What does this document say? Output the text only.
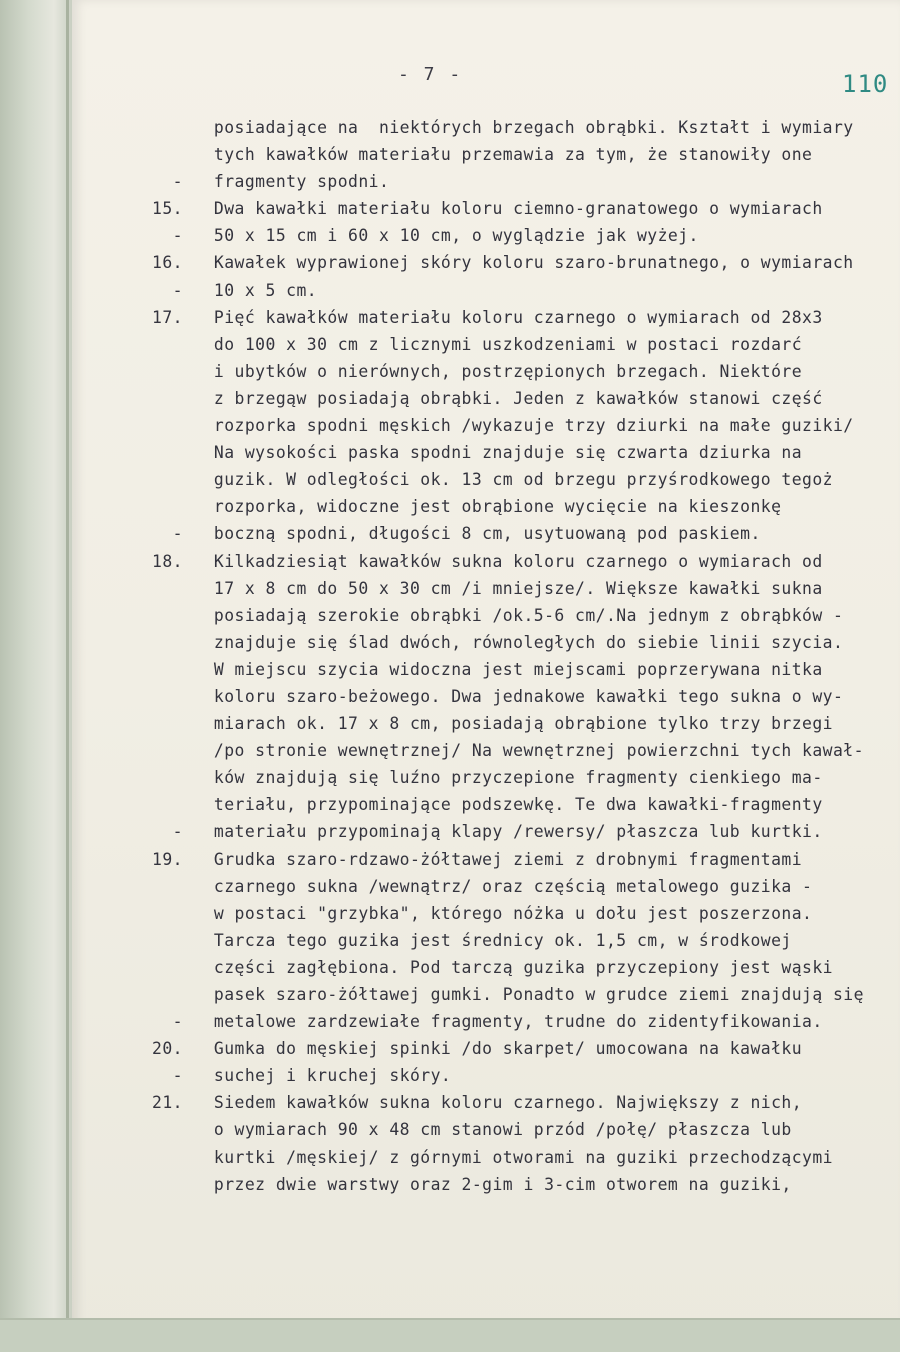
- 7 -	110
posiadające na  niektórych brzegach obrąbki. Kształt i wymiary
tych kawałków materiału przemawia za tym, że stanowiły one
-   fragmenty spodni.
15.   Dwa kawałki materiału koloru ciemno-granatowego o wymiarach
-   50 x 15 cm i 60 x 10 cm, o wyglądzie jak wyżej.
16.   Kawałek wyprawionej skóry koloru szaro-brunatnego, o wymiarach
-   10 x 5 cm.
17.   Pięć kawałków materiału koloru czarnego o wymiarach od 28x3
do 100 x 30 cm z licznymi uszkodzeniami w postaci rozdarć
i ubytków o nierównych, postrzępionych brzegach. Niektóre
z brzegąw posiadają obrąbki. Jeden z kawałków stanowi część
rozporka spodni męskich /wykazuje trzy dziurki na małe guziki/
Na wysokości paska spodni znajduje się czwarta dziurka na
guzik. W odległości ok. 13 cm od brzegu przyśrodkowego tegoż
rozporka, widoczne jest obrąbione wycięcie na kieszonkę
-   boczną spodni, długości 8 cm, usytuowaną pod paskiem.
18.   Kilkadziesiąt kawałków sukna koloru czarnego o wymiarach od
17 x 8 cm do 50 x 30 cm /i mniejsze/. Większe kawałki sukna
posiadają szerokie obrąbki /ok.5-6 cm/.Na jednym z obrąbków -
znajduje się ślad dwóch, równoległych do siebie linii szycia.
W miejscu szycia widoczna jest miejscami poprzerywana nitka
koloru szaro-beżowego. Dwa jednakowe kawałki tego sukna o wy-
miarach ok. 17 x 8 cm, posiadają obrąbione tylko trzy brzegi
/po stronie wewnętrznej/ Na wewnętrznej powierzchni tych kawał-
ków znajdują się luźno przyczepione fragmenty cienkiego ma-
teriału, przypominające podszewkę. Te dwa kawałki-fragmenty
-   materiału przypominają klapy /rewersy/ płaszcza lub kurtki.
19.   Grudka szaro-rdzawo-żółtawej ziemi z drobnymi fragmentami
czarnego sukna /wewnątrz/ oraz częścią metalowego guzika -
w postaci "grzybka", którego nóżka u dołu jest poszerzona.
Tarcza tego guzika jest średnicy ok. 1,5 cm, w środkowej
części zagłębiona. Pod tarczą guzika przyczepiony jest wąski
pasek szaro-żółtawej gumki. Ponadto w grudce ziemi znajdują się
-   metalowe zardzewiałe fragmenty, trudne do zidentyfikowania.
20.   Gumka do męskiej spinki /do skarpet/ umocowana na kawałku
-   suchej i kruchej skóry.
21.   Siedem kawałków sukna koloru czarnego. Największy z nich,
o wymiarach 90 x 48 cm stanowi przód /połę/ płaszcza lub
kurtki /męskiej/ z górnymi otworami na guziki przechodzącymi
przez dwie warstwy oraz 2-gim i 3-cim otworem na guziki,
